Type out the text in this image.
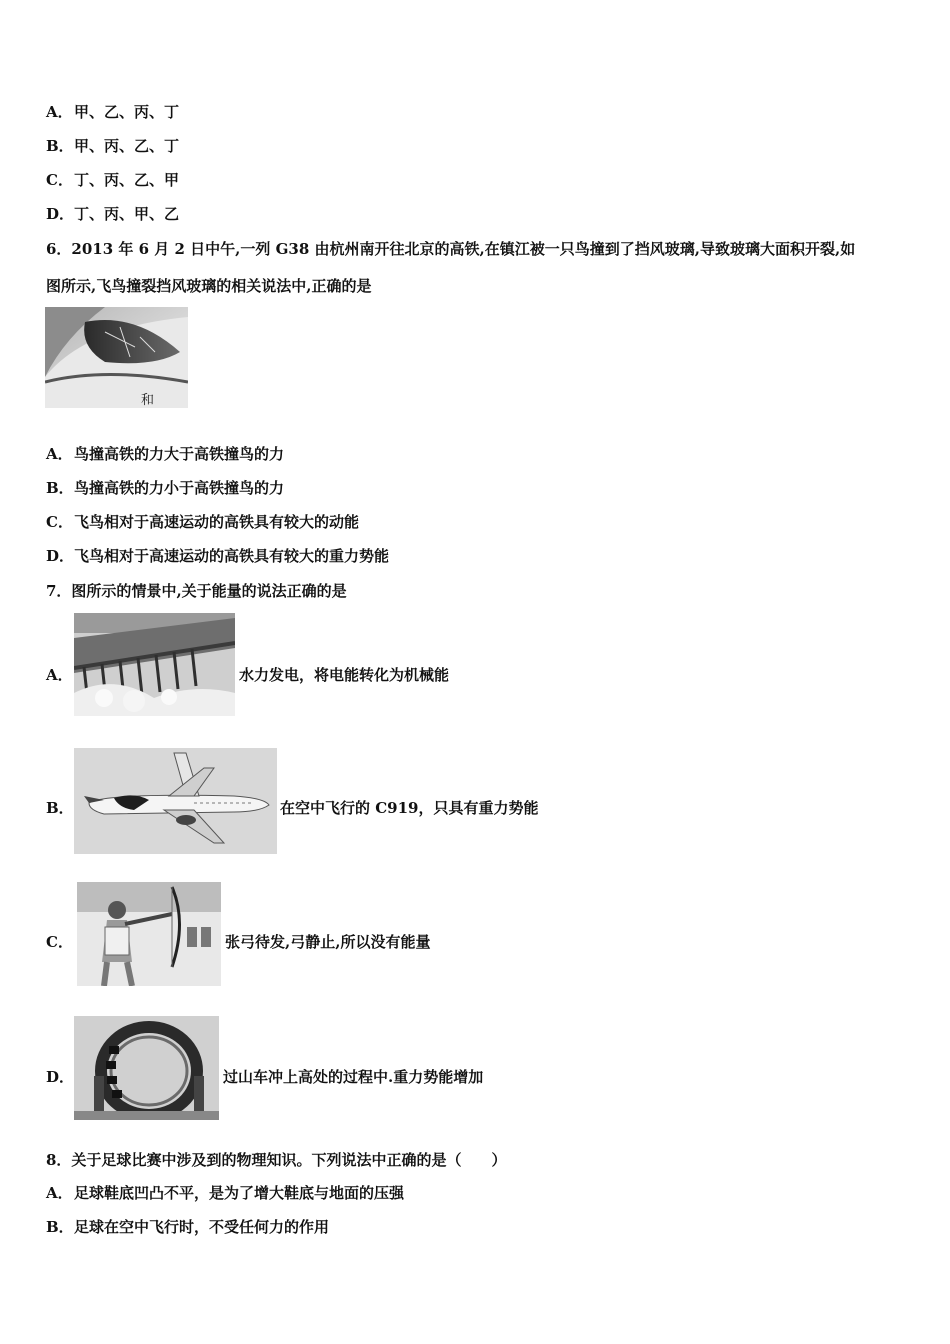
A．甲、乙、丙、丁
B．甲、丙、乙、丁
C．丁、丙、乙、甲
D．丁、丙、甲、乙
6．2013 年 6 月 2 日中午,一列 G38 由杭州南开往北京的高铁,在镇江被一只鸟撞到了挡风玻璃,导致玻璃大面积开裂,如
图所示,飞鸟撞裂挡风玻璃的相关说法中,正确的是
和
A．鸟撞高铁的力大于高铁撞鸟的力
B．鸟撞高铁的力小于高铁撞鸟的力
C．飞鸟相对于高速运动的高铁具有较大的动能
D．飞鸟相对于高速运动的高铁具有较大的重力势能
7．图所示的情景中,关于能量的说法正确的是
A．	水力发电，将电能转化为机械能
B．	在空中飞行的 C919，只具有重力势能
C．	张弓待发,弓静止,所以没有能量
D．	过山车冲上高处的过程中.重力势能增加
8．关于足球比赛中涉及到的物理知识。下列说法中正确的是（　　）
A．足球鞋底凹凸不平，是为了增大鞋底与地面的压强
B．足球在空中飞行时，不受任何力的作用
